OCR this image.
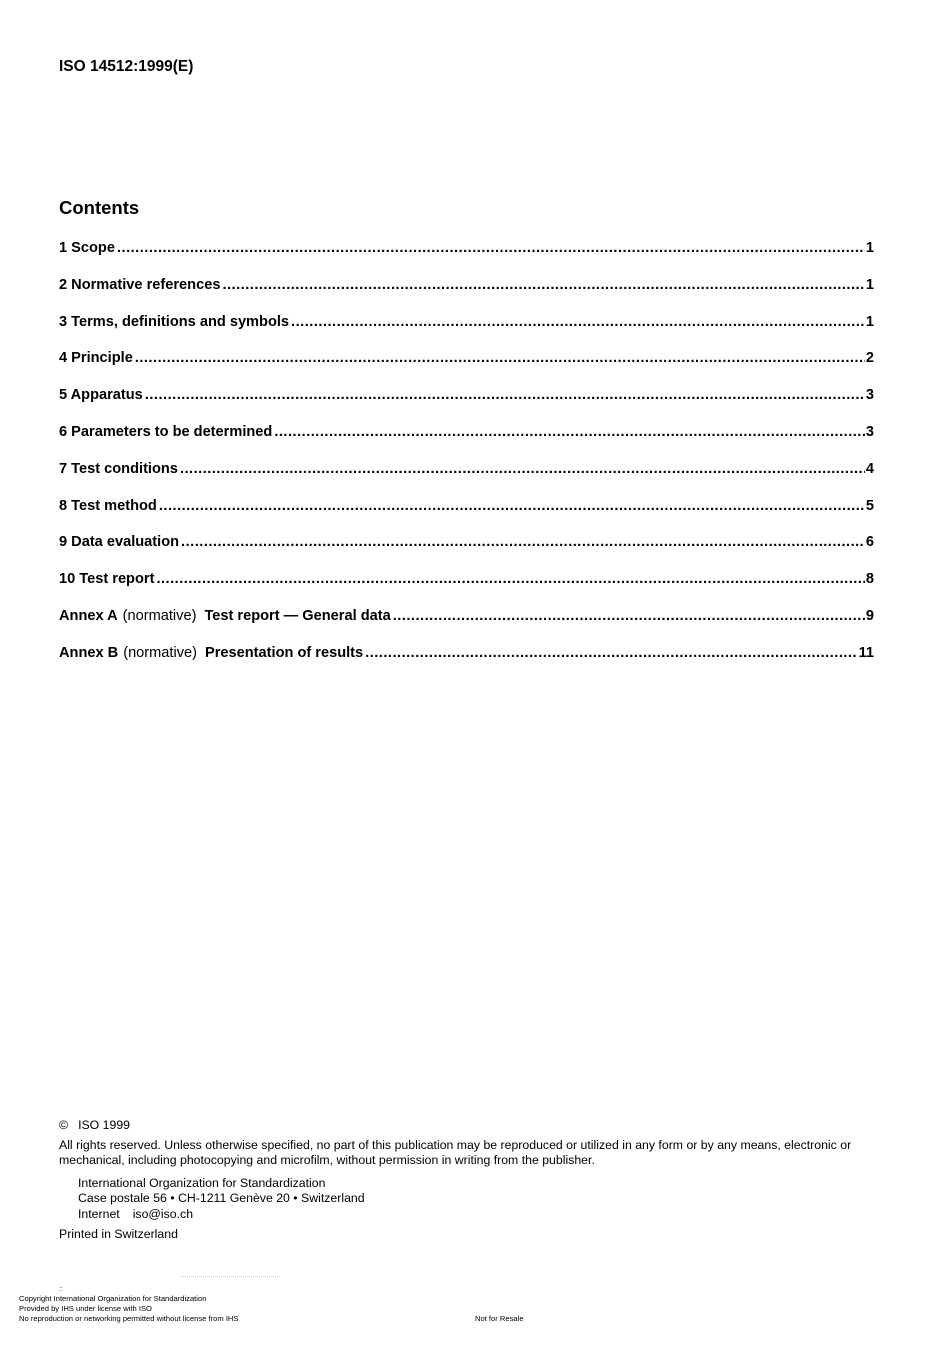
ISO 14512:1999(E)
Contents
1 Scope .....	1
2 Normative references .....	1
3 Terms, definitions and symbols .....	1
4 Principle .....	2
5 Apparatus .....	3
6 Parameters to be determined .....	3
7 Test conditions .....	4
8 Test method .....	5
9 Data evaluation .....	6
10 Test report .....	8
Annex A (normative) Test report — General data .....	9
Annex B (normative) Presentation of results .....	11
© ISO 1999
All rights reserved. Unless otherwise specified, no part of this publication may be reproduced or utilized in any form or by any means, electronic or mechanical, including photocopying and microfilm, without permission in writing from the publisher.
International Organization for Standardization
Case postale 56 • CH-1211 Genève 20 • Switzerland
Internet iso@iso.ch
Printed in Switzerland
::
Copyright International Organization for Standardization
Provided by IHS under license with ISO
No reproduction or networking permitted without license from IHS	Not for Resale
